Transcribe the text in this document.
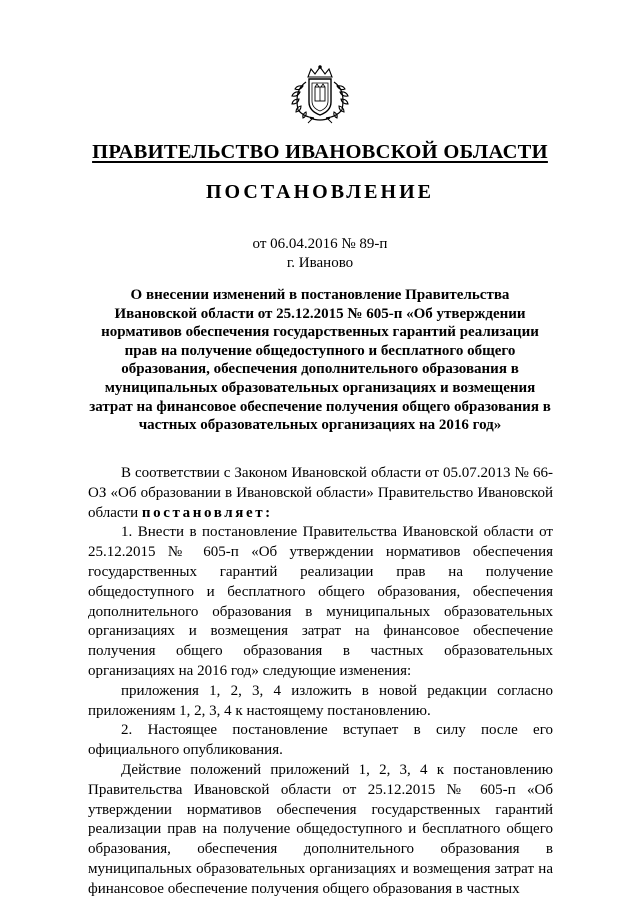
ПРАВИТЕЛЬСТВО ИВАНОВСКОЙ ОБЛАСТИ
ПОСТАНОВЛЕНИЕ
от 06.04.2016 № 89-п
г. Иваново
О внесении изменений в постановление Правительства Ивановской области от 25.12.2015 № 605-п «Об утверждении нормативов обеспечения государственных гарантий реализации прав на получение общедоступного и бесплатного общего образования, обеспечения дополнительного образования в муниципальных образовательных организациях и возмещения затрат на финансовое обеспечение получения общего образования в частных образовательных организациях на 2016 год»

В соответствии с Законом Ивановской области от 05.07.2013 № 66-ОЗ «Об образовании в Ивановской области» Правительство Ивановской области постановляет:

1. Внести в постановление Правительства Ивановской области от 25.12.2015 № 605-п «Об утверждении нормативов обеспечения государственных гарантий реализации прав на получение общедоступного и бесплатного общего образования, обеспечения дополнительного образования в муниципальных образовательных организациях и возмещения затрат на финансовое обеспечение получения общего образования в частных образовательных организациях на 2016 год» следующие изменения:

приложения 1, 2, 3, 4 изложить в новой редакции согласно приложениям 1, 2, 3, 4 к настоящему постановлению.

2. Настоящее постановление вступает в силу после его официального опубликования.

Действие положений приложений 1, 2, 3, 4 к постановлению Правительства Ивановской области от 25.12.2015 № 605-п «Об утверждении нормативов обеспечения государственных гарантий реализации прав на получение общедоступного и бесплатного общего образования, обеспечения дополнительного образования в муниципальных образовательных организациях и возмещения затрат на финансовое обеспечение получения общего образования в частных
